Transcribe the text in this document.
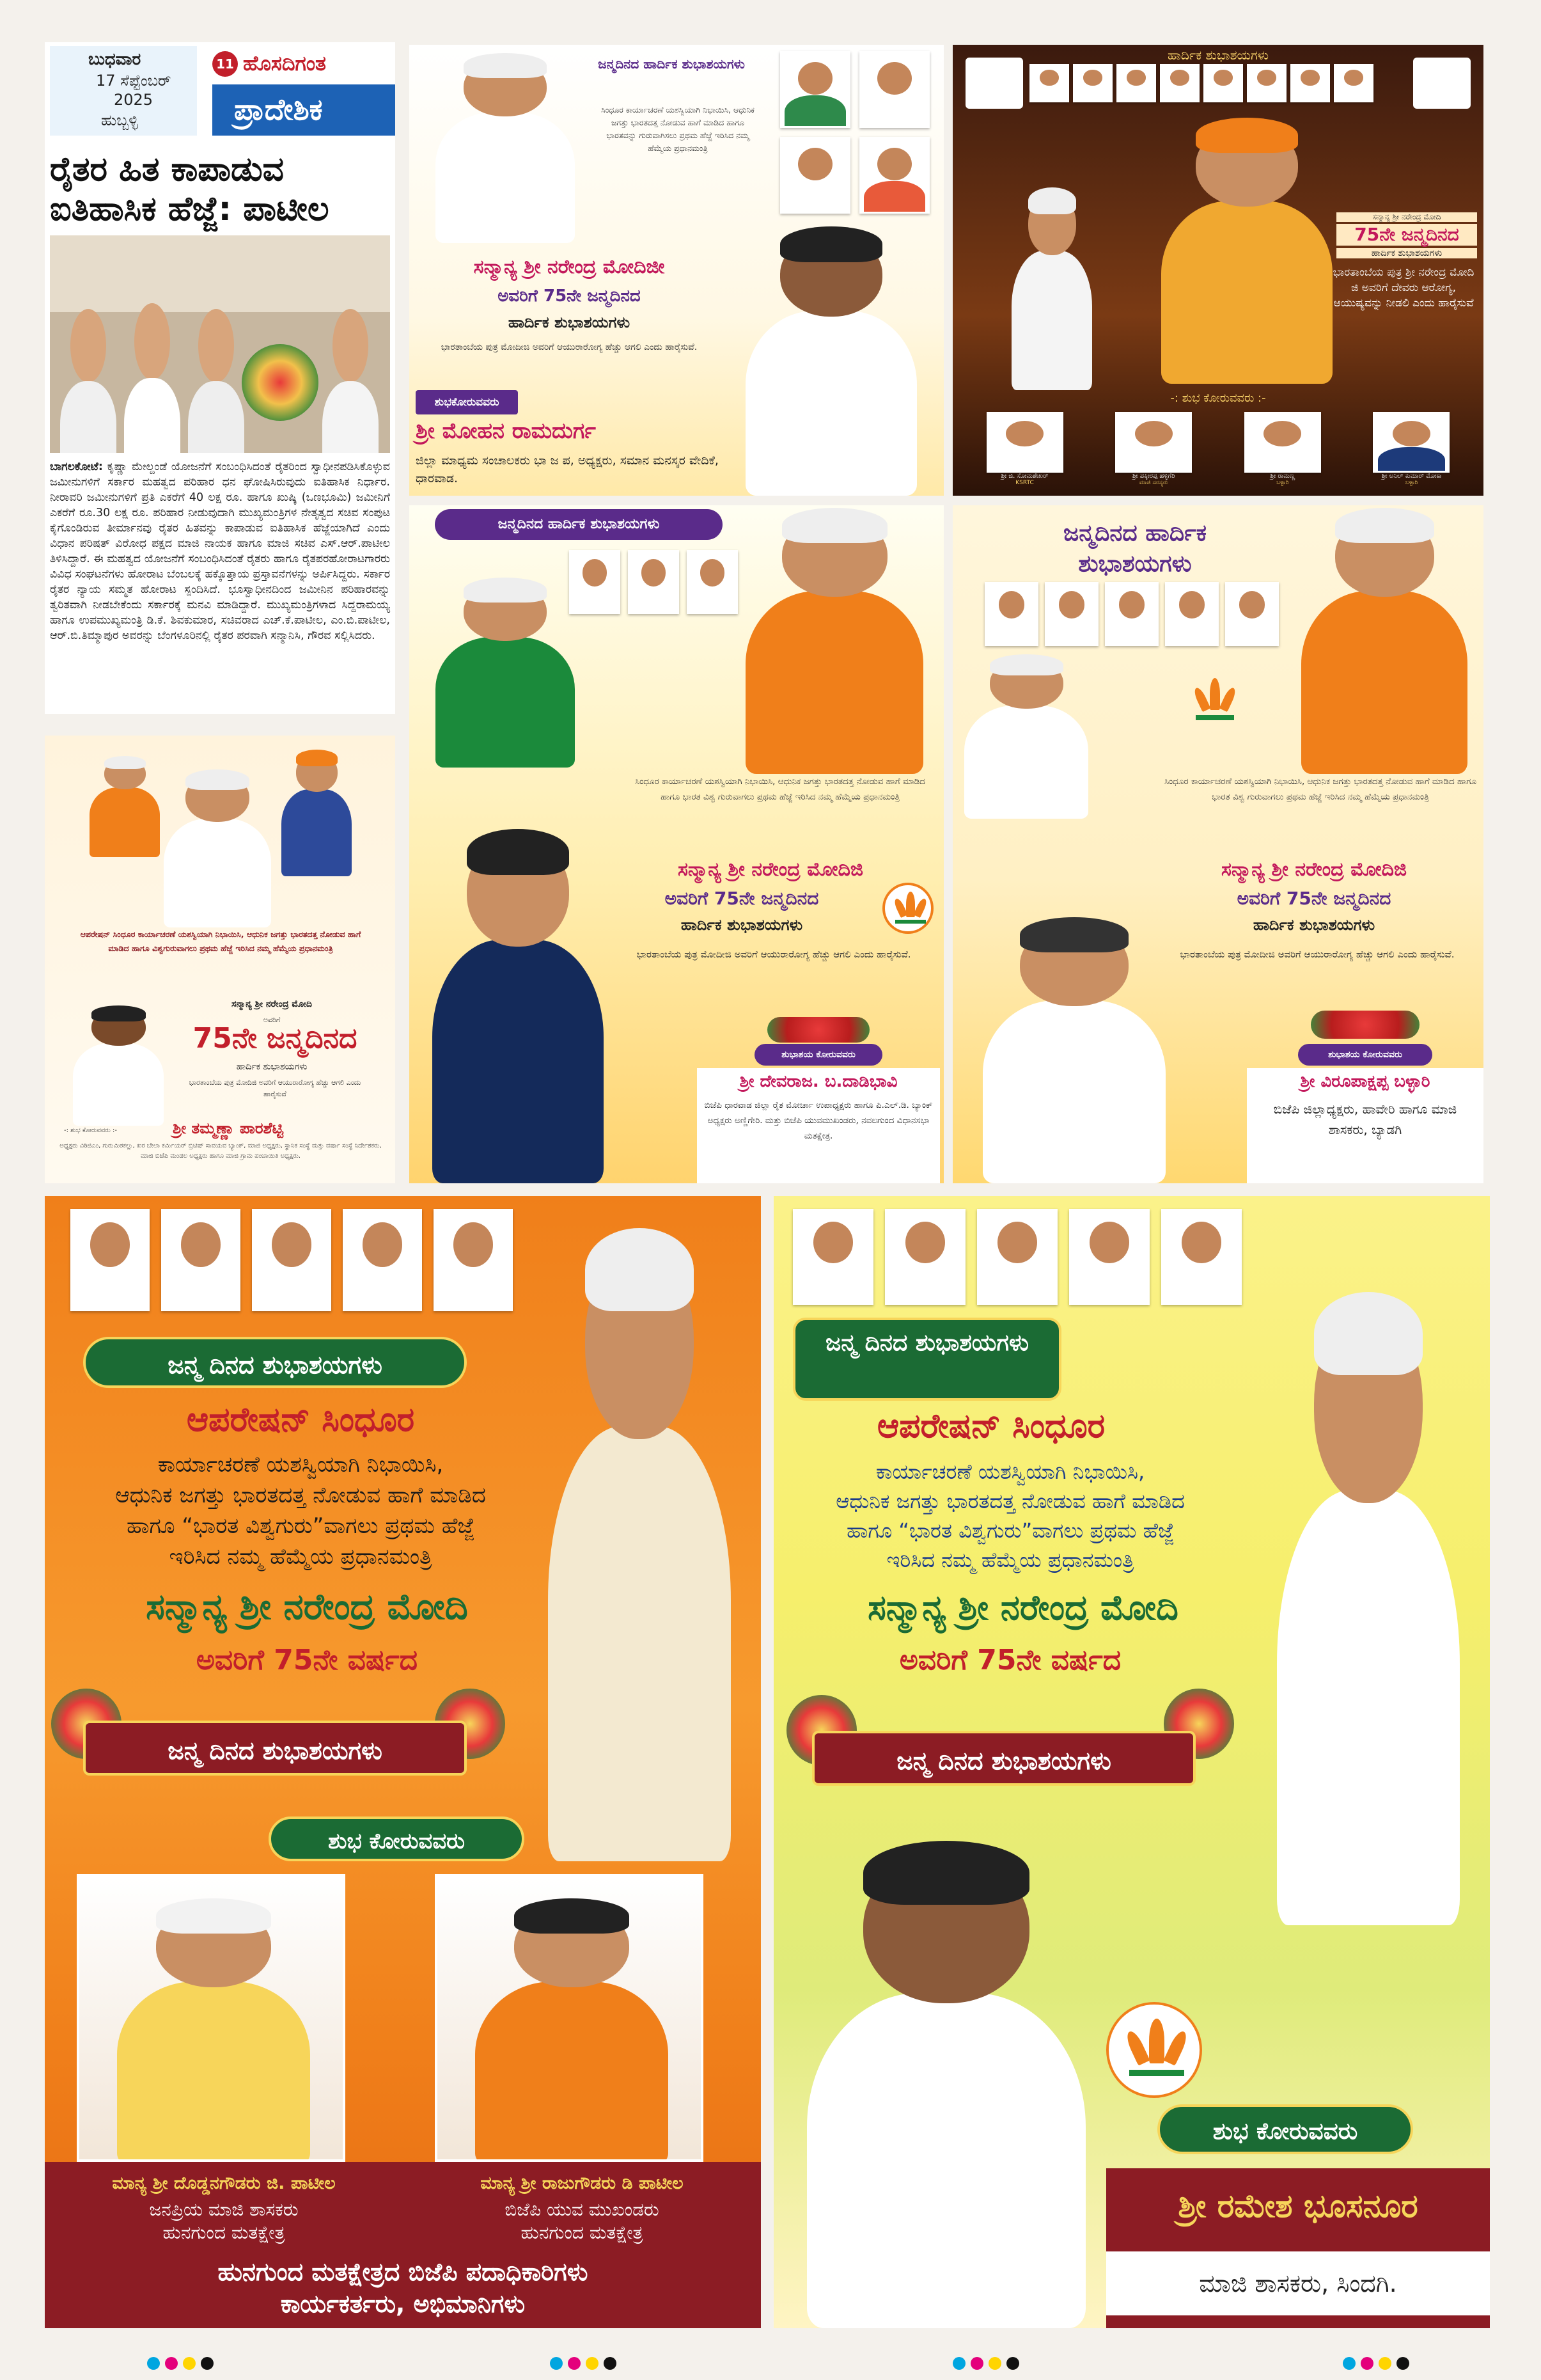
ಬುಧವಾರ
17 ಸೆಪ್ಟೆಂಬರ್
2025
ಹುಬ್ಬಳ್ಳಿ
11 ಹೊಸದಿಗಂತ
ಪ್ರಾದೇಶಿಕ
ರೈತರ ಹಿತ ಕಾಪಾಡುವ ಐತಿಹಾಸಿಕ ಹೆಜ್ಜೆ: ಪಾಟೀಲ
ಬಾಗಲಕೋಟೆ: ಕೃಷ್ಣಾ ಮೇಲ್ದಂಡೆ ಯೋಜನೆಗೆ ಸಂಬಂಧಿಸಿದಂತೆ ರೈತರಿಂದ ಸ್ವಾಧೀನಪಡಿಸಿಕೊಳ್ಳುವ ಜಮೀನುಗಳಿಗೆ ಸರ್ಕಾರ ಮಹತ್ವದ ಪರಿಹಾರ ಧನ ಘೋಷಿಸಿರುವುದು ಐತಿಹಾಸಿಕ ನಿರ್ಧಾರ. ನೀರಾವರಿ ಜಮೀನುಗಳಿಗೆ ಪ್ರತಿ ಎಕರೆಗೆ 40 ಲಕ್ಷ ರೂ. ಹಾಗೂ ಖುಷ್ಕಿ (ಒಣಭೂಮಿ) ಜಮೀನಿಗೆ ಎಕರೆಗೆ ರೂ.30 ಲಕ್ಷ ರೂ. ಪರಿಹಾರ ನೀಡುವುದಾಗಿ ಮುಖ್ಯಮಂತ್ರಿಗಳ ನೇತೃತ್ವದ ಸಚಿವ ಸಂಪುಟ ಕೈಗೊಂಡಿರುವ ತೀರ್ಮಾನವು ರೈತರ ಹಿತವನ್ನು ಕಾಪಾಡುವ ಐತಿಹಾಸಿಕ ಹೆಜ್ಜೆಯಾಗಿದೆ ಎಂದು ವಿಧಾನ ಪರಿಷತ್ ವಿರೋಧ ಪಕ್ಷದ ಮಾಜಿ ನಾಯಕ ಹಾಗೂ ಮಾಜಿ ಸಚಿವ ಎಸ್.ಆರ್.ಪಾಟೀಲ ತಿಳಿಸಿದ್ದಾರೆ. ಈ ಮಹತ್ವದ ಯೋಜನೆಗೆ ಸಂಬಂಧಿಸಿದಂತೆ ರೈತರು ಹಾಗೂ ರೈತಪರಹೋರಾಟಗಾರರು ವಿವಿಧ ಸಂಘಟನೆಗಳು ಹೋರಾಟ ಬೆಂಬಲಕ್ಕೆ ಹಕ್ಕೊತ್ತಾಯ ಪ್ರಸ್ತಾವನೆಗಳನ್ನು ಅರ್ಪಿಸಿದ್ದರು. ಸರ್ಕಾರ ರೈತರ ನ್ಯಾಯ ಸಮ್ಮತ ಹೋರಾಟ ಸ್ಪಂದಿಸಿದೆ. ಭೂಸ್ವಾಧೀನದಿಂದ ಜಮೀನಿನ ಪರಿಹಾರವನ್ನು ತ್ವರಿತವಾಗಿ ನೀಡಬೇಕೆಂದು ಸರ್ಕಾರಕ್ಕೆ ಮನವಿ ಮಾಡಿದ್ದಾರೆ. ಮುಖ್ಯಮಂತ್ರಿಗಳಾದ ಸಿದ್ದರಾಮಯ್ಯ ಹಾಗೂ ಉಪಮುಖ್ಯಮಂತ್ರಿ ಡಿ.ಕೆ. ಶಿವಕುಮಾರ, ಸಚಿವರಾದ ಎಚ್.ಕೆ.ಪಾಟೀಲ, ಎಂ.ಬಿ.ಪಾಟೀಲ, ಆರ್.ಬಿ.ತಿಮ್ಮಾಪುರ ಅವರನ್ನು ಬೆಂಗಳೂರಿನಲ್ಲಿ ರೈತರ ಪರವಾಗಿ ಸನ್ಮಾನಿಸಿ, ಗೌರವ ಸಲ್ಲಿಸಿದರು.
ಜನ್ಮದಿನದ ಹಾರ್ದಿಕ ಶುಭಾಶಯಗಳು
ಸಿಂಧೂರ ಕಾರ್ಯಾಚರಣೆ ಯಶಸ್ವಿಯಾಗಿ ನಿಭಾಯಿಸಿ, ಆಧುನಿಕ ಜಗತ್ತು ಭಾರತದತ್ತ ನೋಡುವ ಹಾಗೆ ಮಾಡಿದ ಹಾಗೂ ಭಾರತವನ್ನು ಗುರುವಾಗಿಸಲು ಪ್ರಥಮ ಹೆಜ್ಜೆ ಇರಿಸಿದ ನಮ್ಮ ಹೆಮ್ಮೆಯ ಪ್ರಧಾನಮಂತ್ರಿ
ಸನ್ಮಾನ್ಯ ಶ್ರೀ ನರೇಂದ್ರ ಮೋದಿಜೀ
ಅವರಿಗೆ 75ನೇ ಜನ್ಮದಿನದ
ಹಾರ್ದಿಕ ಶುಭಾಶಯಗಳು
ಭಾರತಾಂಬೆಯ ಪುತ್ರ ಮೋದೀಜಿ ಅವರಿಗೆ ಆಯುರಾರೋಗ್ಯ ಹೆಚ್ಚು ಆಗಲಿ ಎಂದು ಹಾರೈಸುವೆ.
ಶುಭಕೋರುವವರು
ಶ್ರೀ ಮೋಹನ ರಾಮದುರ್ಗ
ಜಿಲ್ಲಾ ಮಾಧ್ಯಮ ಸಂಚಾಲಕರು ಭಾ ಜ ಪ, ಅಧ್ಯಕ್ಷರು, ಸಮಾನ ಮನಸ್ಕರ ವೇದಿಕೆ, ಧಾರವಾಡ.
ಹಾರ್ದಿಕ ಶುಭಾಶಯಗಳು
ಸನ್ಮಾನ್ಯ ಶ್ರೀ ನರೇಂದ್ರ ಮೋದಿ
75ನೇ ಜನ್ಮದಿನದ
ಹಾರ್ದಿಕ ಶುಭಾಶಯಗಳು
ಭಾರತಾಂಬೆಯ ಪುತ್ರ ಶ್ರೀ ನರೇಂದ್ರ ಮೋದಿ ಜಿ ಅವರಿಗೆ ದೇವರು ಆರೋಗ್ಯ, ಆಯುಷ್ಯವನ್ನು ನೀಡಲಿ ಎಂದು ಹಾರೈಸುವೆ
-: ಶುಭ ಕೋರುವವರು :-
ಶ್ರೀ ಜಿ. ಸೋಮಶೇಖರ್
KSRTC
ಶ್ರೀ ಪಕ್ಕೀರಪ್ಪ ಹಳ್ಳಿಗೆರಿ
ಮಾಜಿ ಸದಸ್ಯರು
ಶ್ರೀ ರಾಮಣ್ಣ
ಬಳ್ಳಾರಿ
ಶ್ರೀ ಅನಿಲ್ ಕುಮಾರ್ ಮೋಕಾ
ಬಳ್ಳಾರಿ
ಆಪರೇಷನ್ ಸಿಂಧೂರ ಕಾರ್ಯಾಚರಣೆ ಯಶಸ್ವಿಯಾಗಿ ನಿಭಾಯಿಸಿ, ಆಧುನಿಕ ಜಗತ್ತು ಭಾರತದತ್ತ ನೋಡುವ ಹಾಗೆ ಮಾಡಿದ ಹಾಗೂ ವಿಶ್ವಗುರುವಾಗಲು ಪ್ರಥಮ ಹೆಜ್ಜೆ ಇರಿಸಿದ ನಮ್ಮ ಹೆಮ್ಮೆಯ ಪ್ರಧಾನಮಂತ್ರಿ
ಸನ್ಮಾನ್ಯ ಶ್ರೀ ನರೇಂದ್ರ ಮೋದಿ
ಅವರಿಗೆ
75ನೇ ಜನ್ಮದಿನದ
ಹಾರ್ದಿಕ ಶುಭಾಶಯಗಳು
ಭಾರತಾಂಬೆಯ ಪುತ್ರ ಮೋದಿಜಿ ಅವರಿಗೆ ಆಯುರಾರೋಗ್ಯ ಹೆಚ್ಚು ಆಗಲಿ ಎಂದು ಹಾರೈಸುವೆ
-: ಶುಭ ಕೋರುವವರು :-	ಶ್ರೀ ತಮ್ಮಣ್ಣಾ ಪಾರಶೆಟ್ಟಿ
ಅಧ್ಯಕ್ಷರು ವಿಠಿಜಿಎಂ, ಗುರುಮಿಠಕಲ್ಲು, ಖರ ಬೇಲಾ ಕರ್ಮಿಯರ್ ಬ್ರಿಟಿಷ್ ಸಾವಯವ ಬ್ಯಾಂಕ್, ಮಾಜಿ ಅಧ್ಯಕ್ಷರು, ಸ್ಥಾನಿಕ ಸಂಸ್ಥೆ ಮತ್ತು ವರ್ಷಾ ಸಂಸ್ಥೆ ನಿರ್ದೇಶಕರು, ಮಾಜಿ ಬಿಜೆಪಿ ಮಂಡಲ ಅಧ್ಯಕ್ಷರು ಹಾಗೂ ಮಾಜಿ ಗ್ರಾಮ ಪಂಚಾಯಿತಿ ಅಧ್ಯಕ್ಷರು.
ಜನ್ಮದಿನದ ಹಾರ್ದಿಕ ಶುಭಾಶಯಗಳು
ಸಿಂಧೂರ ಕಾರ್ಯಾಚರಣೆ ಯಶಸ್ವಿಯಾಗಿ ನಿಭಾಯಿಸಿ, ಆಧುನಿಕ ಜಗತ್ತು ಭಾರತದತ್ತ ನೋಡುವ ಹಾಗೆ ಮಾಡಿದ ಹಾಗೂ ಭಾರತ ವಿಶ್ವ ಗುರುವಾಗಲು ಪ್ರಥಮ ಹೆಜ್ಜೆ ಇರಿಸಿದ ನಮ್ಮ ಹೆಮ್ಮೆಯ ಪ್ರಧಾನಮಂತ್ರಿ
ಸನ್ಮಾನ್ಯ ಶ್ರೀ ನರೇಂದ್ರ ಮೋದಿಜಿ
ಅವರಿಗೆ 75ನೇ ಜನ್ಮದಿನದ
ಹಾರ್ದಿಕ ಶುಭಾಶಯಗಳು
ಭಾರತಾಂಬೆಯ ಪುತ್ರ ಮೋದೀಜಿ ಅವರಿಗೆ ಆಯುರಾರೋಗ್ಯ ಹೆಚ್ಚು ಆಗಲಿ ಎಂದು ಹಾರೈಸುವೆ.
ಶುಭಾಶಯ ಕೋರುವವರು
ಶ್ರೀ ದೇವರಾಜ. ಬ.ದಾಡಿಭಾವಿ
ಬಿಜೆಪಿ ಧಾರವಾಡ ಜಿಲ್ಲಾ ರೈತ ಮೋರ್ಚಾ ಉಪಾಧ್ಯಕ್ಷರು ಹಾಗೂ ಪಿ.ಎಲ್.ಡಿ. ಬ್ಯಾಂಕ್ ಅಧ್ಯಕ್ಷರು ಅಣ್ಣಿಗೇರಿ. ಮತ್ತು ಬಿಜೆಪಿ ಯುವಮುಖಂಡರು, ನವಲಗುಂದ ವಿಧಾನಸಭಾ ಮತಕ್ಷೇತ್ರ.
ಜನ್ಮದಿನದ ಹಾರ್ದಿಕ ಶುಭಾಶಯಗಳು
ಸಿಂಧೂರ ಕಾರ್ಯಾಚರಣೆ ಯಶಸ್ವಿಯಾಗಿ ನಿಭಾಯಿಸಿ, ಆಧುನಿಕ ಜಗತ್ತು ಭಾರತದತ್ತ ನೋಡುವ ಹಾಗೆ ಮಾಡಿದ ಹಾಗೂ ಭಾರತ ವಿಶ್ವ ಗುರುವಾಗಲು ಪ್ರಥಮ ಹೆಜ್ಜೆ ಇರಿಸಿದ ನಮ್ಮ ಹೆಮ್ಮೆಯ ಪ್ರಧಾನಮಂತ್ರಿ
ಸನ್ಮಾನ್ಯ ಶ್ರೀ ನರೇಂದ್ರ ಮೋದಿಜಿ
ಅವರಿಗೆ 75ನೇ ಜನ್ಮದಿನದ
ಹಾರ್ದಿಕ ಶುಭಾಶಯಗಳು
ಭಾರತಾಂಬೆಯ ಪುತ್ರ ಮೋದೀಜಿ ಅವರಿಗೆ ಆಯುರಾರೋಗ್ಯ ಹೆಚ್ಚು ಆಗಲಿ ಎಂದು ಹಾರೈಸುವೆ.
ಶುಭಾಶಯ ಕೋರುವವರು
ಶ್ರೀ ವಿರೂಪಾಕ್ಷಪ್ಪ ಬಳ್ಳಾರಿ
ಬಿಜೆಪಿ ಜಿಲ್ಲಾಧ್ಯಕ್ಷರು, ಹಾವೇರಿ ಹಾಗೂ ಮಾಜಿ ಶಾಸಕರು, ಬ್ಯಾಡಗಿ
ಜನ್ಮ ದಿನದ ಶುಭಾಶಯಗಳು
ಆಪರೇಷನ್ ಸಿಂಧೂರ
ಕಾರ್ಯಾಚರಣೆ ಯಶಸ್ವಿಯಾಗಿ ನಿಭಾಯಿಸಿ,
ಆಧುನಿಕ ಜಗತ್ತು ಭಾರತದತ್ತ ನೋಡುವ ಹಾಗೆ ಮಾಡಿದ
ಹಾಗೂ “ಭಾರತ ವಿಶ್ವಗುರು”ವಾಗಲು ಪ್ರಥಮ ಹೆಜ್ಜೆ
ಇರಿಸಿದ ನಮ್ಮ ಹೆಮ್ಮೆಯ ಪ್ರಧಾನಮಂತ್ರಿ
ಸನ್ಮಾನ್ಯ ಶ್ರೀ ನರೇಂದ್ರ ಮೋದಿ
ಅವರಿಗೆ 75ನೇ ವರ್ಷದ
ಜನ್ಮ ದಿನದ ಶುಭಾಶಯಗಳು
ಶುಭ ಕೋರುವವರು
ಮಾನ್ಯ ಶ್ರೀ ದೊಡ್ಡನಗೌಡರು ಜಿ. ಪಾಟೀಲ
ಜನಪ್ರಿಯ ಮಾಜಿ ಶಾಸಕರು
ಹುನಗುಂದ ಮತಕ್ಷೇತ್ರ
ಮಾನ್ಯ ಶ್ರೀ ರಾಜುಗೌಡರು ಡಿ ಪಾಟೀಲ
ಬಿಜೆಪಿ ಯುವ ಮುಖಂಡರು
ಹುನಗುಂದ ಮತಕ್ಷೇತ್ರ
ಹುನಗುಂದ ಮತಕ್ಷೇತ್ರದ ಬಿಜೆಪಿ ಪದಾಧಿಕಾರಿಗಳು
ಕಾರ್ಯಕರ್ತರು, ಅಭಿಮಾನಿಗಳು
ಜನ್ಮ ದಿನದ ಶುಭಾಶಯಗಳು
ಆಪರೇಷನ್ ಸಿಂಧೂರ
ಕಾರ್ಯಾಚರಣೆ ಯಶಸ್ವಿಯಾಗಿ ನಿಭಾಯಿಸಿ,
ಆಧುನಿಕ ಜಗತ್ತು ಭಾರತದತ್ತ ನೋಡುವ ಹಾಗೆ ಮಾಡಿದ
ಹಾಗೂ “ಭಾರತ ವಿಶ್ವಗುರು”ವಾಗಲು ಪ್ರಥಮ ಹೆಜ್ಜೆ
ಇರಿಸಿದ ನಮ್ಮ ಹೆಮ್ಮೆಯ ಪ್ರಧಾನಮಂತ್ರಿ
ಸನ್ಮಾನ್ಯ ಶ್ರೀ ನರೇಂದ್ರ ಮೋದಿ
ಅವರಿಗೆ 75ನೇ ವರ್ಷದ
ಜನ್ಮ ದಿನದ ಶುಭಾಶಯಗಳು
ಶುಭ ಕೋರುವವರು
ಶ್ರೀ ರಮೇಶ ಭೂಸನೂರ
ಮಾಜಿ ಶಾಸಕರು, ಸಿಂದಗಿ.
